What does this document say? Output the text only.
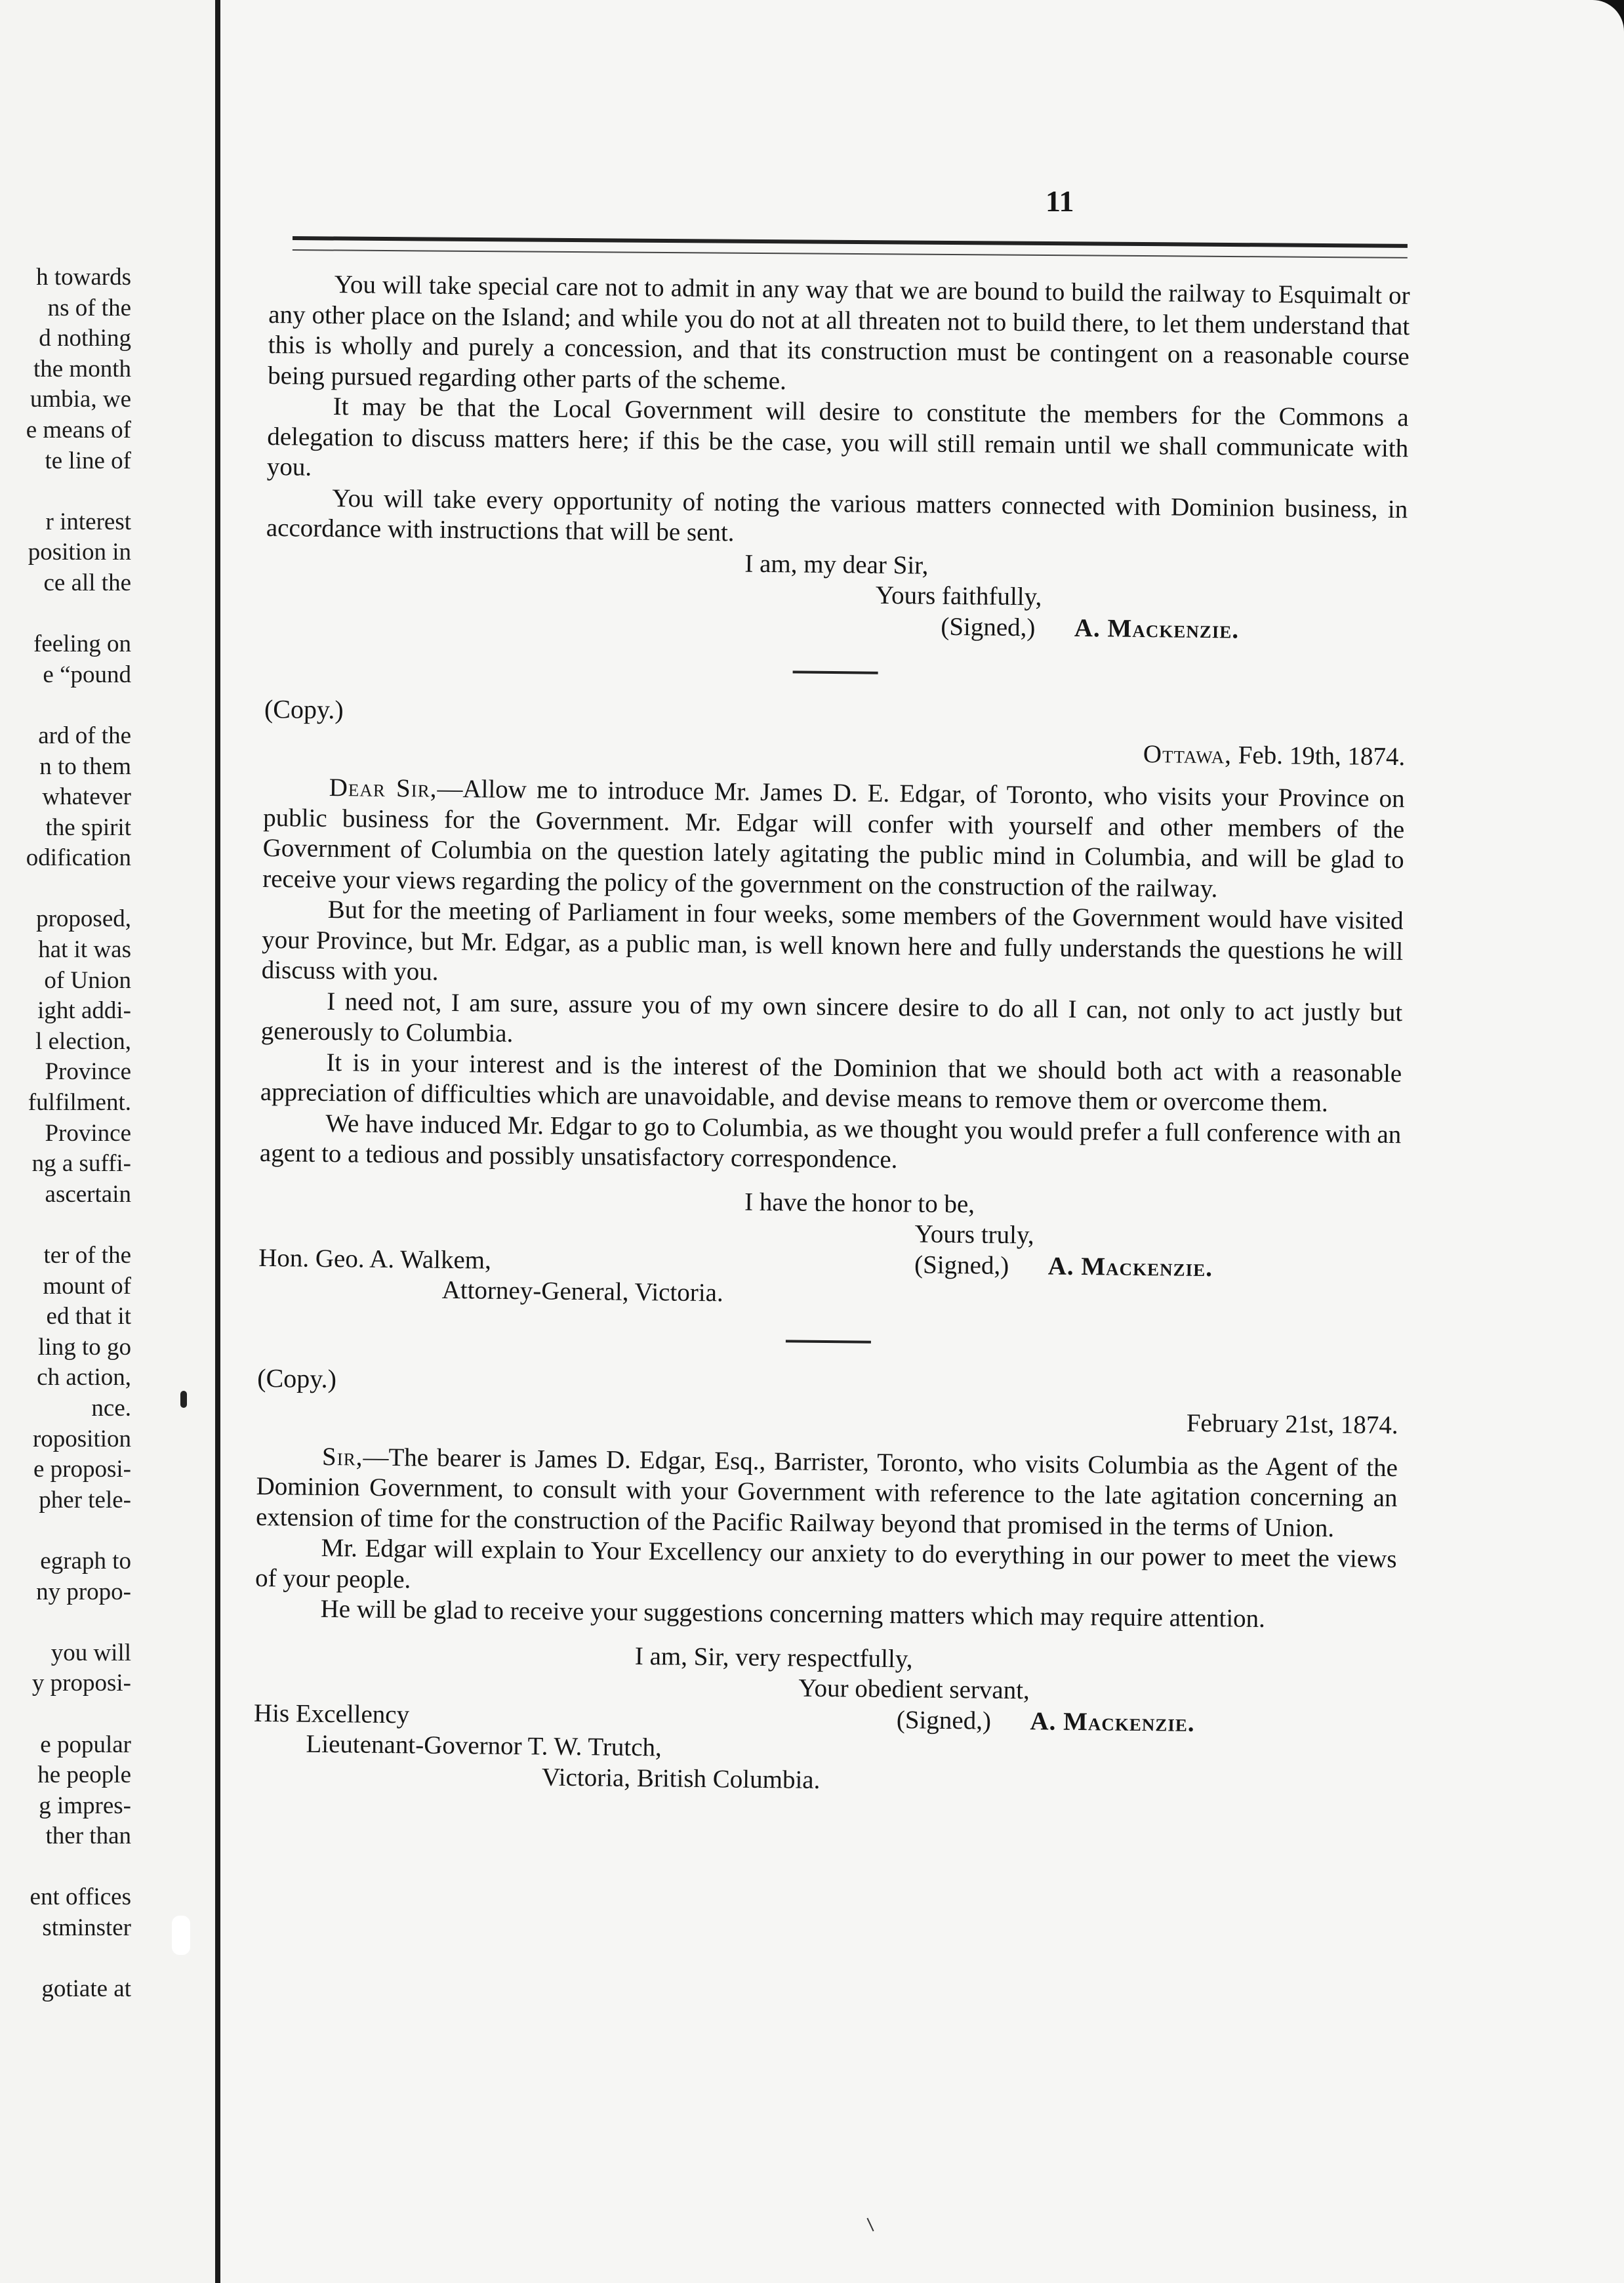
h towards
ns of the
d nothing
the month
umbia, we
e means of
te line of
r interest
position in
ce all the
feeling on
e “pound
ard of the
n to them
whatever
the spirit
odification
proposed,
hat it was
of Union
ight addi-
l election,
Province
fulfilment.
Province
ng a suffi-
ascertain
ter of the
mount of
ed that it
ling to go
ch action,
nce.
roposition
e proposi-
pher tele-
egraph to
ny propo-
you will
y proposi-
e popular
he people
g impres-
ther than
ent offices
stminster
gotiate at
11

You will take special care not to admit in any way that we are bound to build the railway to Esquimalt or any other place on the Island; and while you do not at all threaten not to build there, to let them understand that this is wholly and purely a concession, and that its construction must be contingent on a reasonable course being pursued regarding other parts of the scheme.

It may be that the Local Government will desire to constitute the members for the Commons a delegation to discuss matters here; if this be the case, you will still remain until we shall communicate with you.

You will take every opportunity of noting the various matters connected with Dominion business, in accordance with instructions that will be sent.

I am, my dear Sir,
Yours faithfully,
(Signed,) A. Mackenzie.
(Copy.)
Ottawa, Feb. 19th, 1874.

Dear Sir,—Allow me to introduce Mr. James D. E. Edgar, of Toronto, who visits your Province on public business for the Government. Mr. Edgar will confer with yourself and other members of the Government of Columbia on the question lately agitating the public mind in Columbia, and will be glad to receive your views regarding the policy of the government on the construction of the railway.

But for the meeting of Parliament in four weeks, some members of the Government would have visited your Province, but Mr. Edgar, as a public man, is well known here and fully understands the questions he will discuss with you.

I need not, I am sure, assure you of my own sincere desire to do all I can, not only to act justly but generously to Columbia.

It is in your interest and is the interest of the Dominion that we should both act with a reasonable appreciation of difficulties which are unavoidable, and devise means to remove them or overcome them.

We have induced Mr. Edgar to go to Columbia, as we thought you would prefer a full conference with an agent to a tedious and possibly unsatisfactory correspondence.

I have the honor to be,
Yours truly,
Hon. Geo. A. Walkem,	(Signed,) A. Mackenzie.
Attorney-General, Victoria.
(Copy.)
February 21st, 1874.

Sir,—The bearer is James D. Edgar, Esq., Barrister, Toronto, who visits Columbia as the Agent of the Dominion Government, to consult with your Government with reference to the late agitation concerning an extension of time for the construction of the Pacific Railway beyond that promised in the terms of Union.

Mr. Edgar will explain to Your Excellency our anxiety to do everything in our power to meet the views of your people.

He will be glad to receive your suggestions concerning matters which may require attention.

I am, Sir, very respectfully,
Your obedient servant,
His Excellency	(Signed,) A. Mackenzie.
Lieutenant-Governor T. W. Trutch,
Victoria, British Columbia.
